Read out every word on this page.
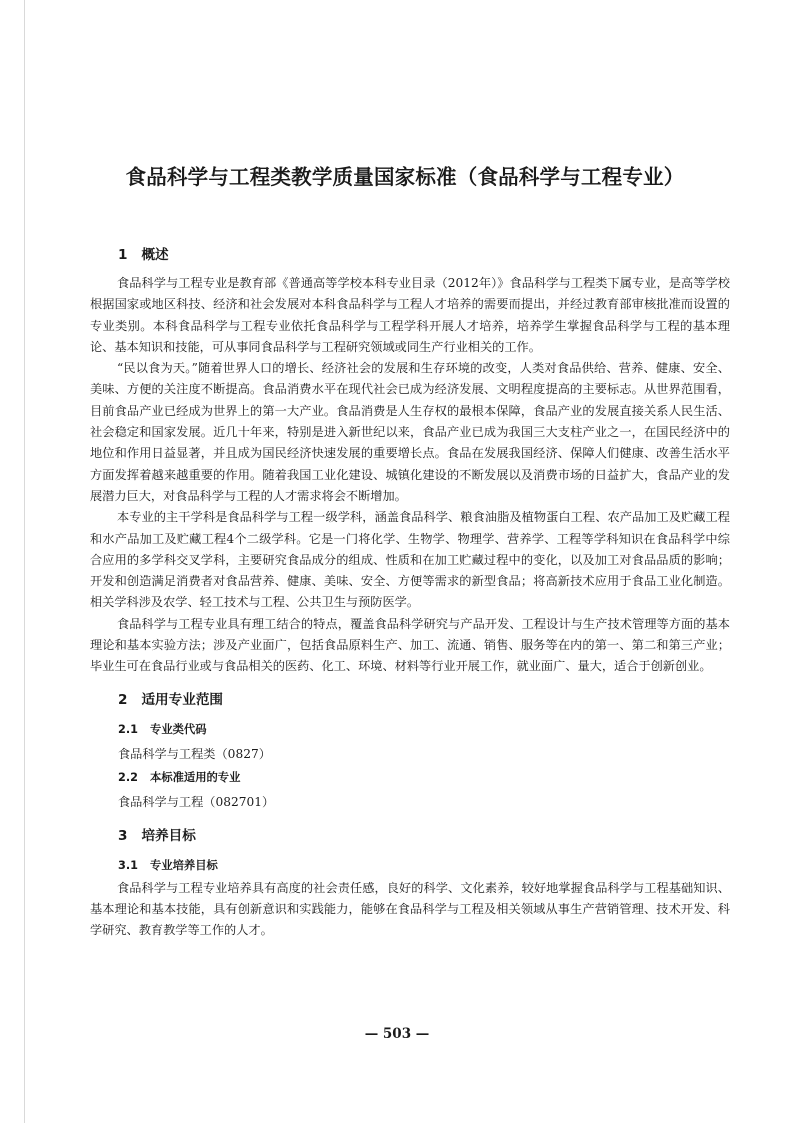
食品科学与工程类教学质量国家标准（食品科学与工程专业）
1 概述

食品科学与工程专业是教育部《普通高等学校本科专业目录（2012年）》食品科学与工程类下属专业，是高等学校根据国家或地区科技、经济和社会发展对本科食品科学与工程人才培养的需要而提出，并经过教育部审核批准而设置的专业类别。本科食品科学与工程专业依托食品科学与工程学科开展人才培养，培养学生掌握食品科学与工程的基本理论、基本知识和技能，可从事同食品科学与工程研究领域或同生产行业相关的工作。

“民以食为天。”随着世界人口的增长、经济社会的发展和生存环境的改变，人类对食品供给、营养、健康、安全、美味、方便的关注度不断提高。食品消费水平在现代社会已成为经济发展、文明程度提高的主要标志。从世界范围看，目前食品产业已经成为世界上的第一大产业。食品消费是人生存权的最根本保障，食品产业的发展直接关系人民生活、社会稳定和国家发展。近几十年来，特别是进入新世纪以来，食品产业已成为我国三大支柱产业之一，在国民经济中的地位和作用日益显著，并且成为国民经济快速发展的重要增长点。食品在发展我国经济、保障人们健康、改善生活水平方面发挥着越来越重要的作用。随着我国工业化建设、城镇化建设的不断发展以及消费市场的日益扩大，食品产业的发展潜力巨大，对食品科学与工程的人才需求将会不断增加。

本专业的主干学科是食品科学与工程一级学科，涵盖食品科学、粮食油脂及植物蛋白工程、农产品加工及贮藏工程和水产品加工及贮藏工程4个二级学科。它是一门将化学、生物学、物理学、营养学、工程等学科知识在食品科学中综合应用的多学科交叉学科，主要研究食品成分的组成、性质和在加工贮藏过程中的变化，以及加工对食品品质的影响；开发和创造满足消费者对食品营养、健康、美味、安全、方便等需求的新型食品；将高新技术应用于食品工业化制造。相关学科涉及农学、轻工技术与工程、公共卫生与预防医学。

食品科学与工程专业具有理工结合的特点，覆盖食品科学研究与产品开发、工程设计与生产技术管理等方面的基本理论和基本实验方法；涉及产业面广，包括食品原料生产、加工、流通、销售、服务等在内的第一、第二和第三产业；毕业生可在食品行业或与食品相关的医药、化工、环境、材料等行业开展工作，就业面广、量大，适合于创新创业。

2 适用专业范围
2.1 专业类代码

食品科学与工程类（0827）

2.2 本标准适用的专业

食品科学与工程（082701）

3 培养目标
3.1 专业培养目标

食品科学与工程专业培养具有高度的社会责任感，良好的科学、文化素养，较好地掌握食品科学与工程基础知识、基本理论和基本技能，具有创新意识和实践能力，能够在食品科学与工程及相关领域从事生产营销管理、技术开发、科学研究、教育教学等工作的人才。

— 503 —
